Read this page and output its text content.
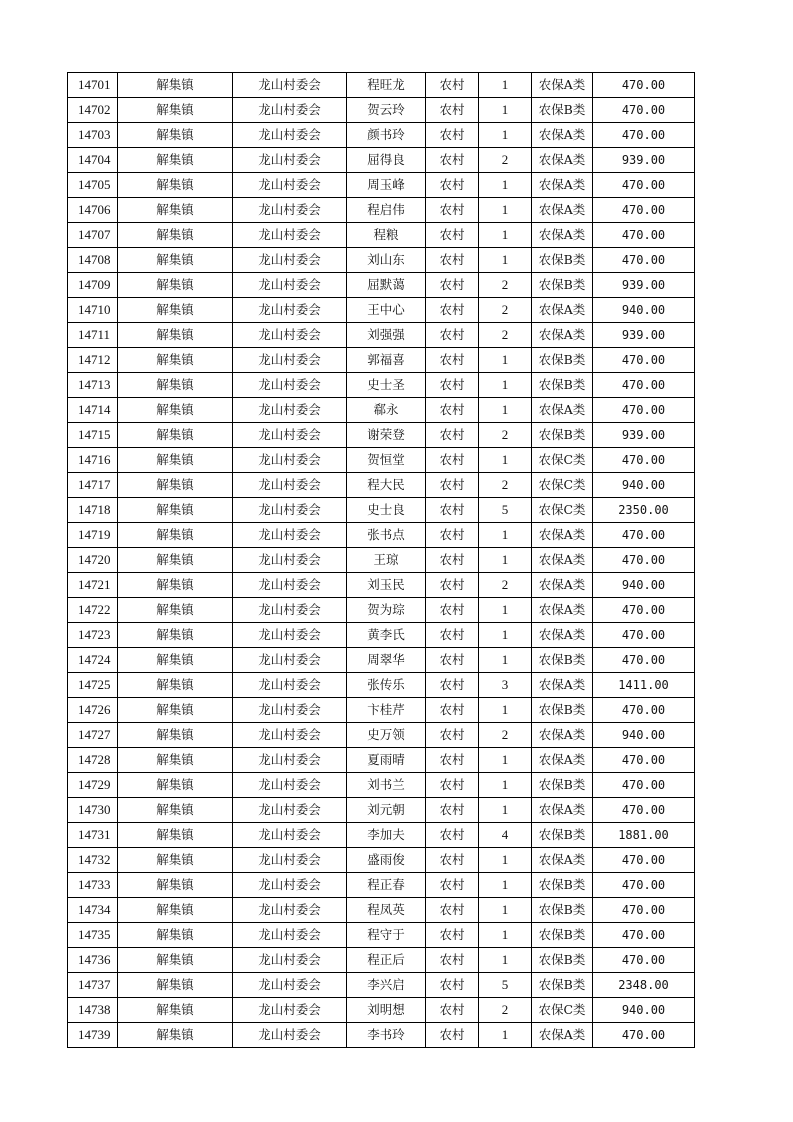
14701	解集镇	龙山村委会	程旺龙	农村	1	农保A类	470.00
14702	解集镇	龙山村委会	贺云玲	农村	1	农保B类	470.00
14703	解集镇	龙山村委会	颜书玲	农村	1	农保A类	470.00
14704	解集镇	龙山村委会	屈得良	农村	2	农保A类	939.00
14705	解集镇	龙山村委会	周玉峰	农村	1	农保A类	470.00
14706	解集镇	龙山村委会	程启伟	农村	1	农保A类	470.00
14707	解集镇	龙山村委会	程粮	农村	1	农保A类	470.00
14708	解集镇	龙山村委会	刘山东	农村	1	农保B类	470.00
14709	解集镇	龙山村委会	屈默蔼	农村	2	农保B类	939.00
14710	解集镇	龙山村委会	王中心	农村	2	农保A类	940.00
14711	解集镇	龙山村委会	刘强强	农村	2	农保A类	939.00
14712	解集镇	龙山村委会	郭福喜	农村	1	农保B类	470.00
14713	解集镇	龙山村委会	史士圣	农村	1	农保B类	470.00
14714	解集镇	龙山村委会	郗永	农村	1	农保A类	470.00
14715	解集镇	龙山村委会	谢荣登	农村	2	农保B类	939.00
14716	解集镇	龙山村委会	贺恒堂	农村	1	农保C类	470.00
14717	解集镇	龙山村委会	程大民	农村	2	农保C类	940.00
14718	解集镇	龙山村委会	史士良	农村	5	农保C类	2350.00
14719	解集镇	龙山村委会	张书点	农村	1	农保A类	470.00
14720	解集镇	龙山村委会	王琼	农村	1	农保A类	470.00
14721	解集镇	龙山村委会	刘玉民	农村	2	农保A类	940.00
14722	解集镇	龙山村委会	贺为琮	农村	1	农保A类	470.00
14723	解集镇	龙山村委会	黄李氏	农村	1	农保A类	470.00
14724	解集镇	龙山村委会	周翠华	农村	1	农保B类	470.00
14725	解集镇	龙山村委会	张传乐	农村	3	农保A类	1411.00
14726	解集镇	龙山村委会	卞桂芹	农村	1	农保B类	470.00
14727	解集镇	龙山村委会	史万领	农村	2	农保A类	940.00
14728	解集镇	龙山村委会	夏雨晴	农村	1	农保A类	470.00
14729	解集镇	龙山村委会	刘书兰	农村	1	农保B类	470.00
14730	解集镇	龙山村委会	刘元朝	农村	1	农保A类	470.00
14731	解集镇	龙山村委会	李加夫	农村	4	农保B类	1881.00
14732	解集镇	龙山村委会	盛雨俊	农村	1	农保A类	470.00
14733	解集镇	龙山村委会	程正春	农村	1	农保B类	470.00
14734	解集镇	龙山村委会	程凤英	农村	1	农保B类	470.00
14735	解集镇	龙山村委会	程守于	农村	1	农保B类	470.00
14736	解集镇	龙山村委会	程正后	农村	1	农保B类	470.00
14737	解集镇	龙山村委会	李兴启	农村	5	农保B类	2348.00
14738	解集镇	龙山村委会	刘明想	农村	2	农保C类	940.00
14739	解集镇	龙山村委会	李书玲	农村	1	农保A类	470.00
